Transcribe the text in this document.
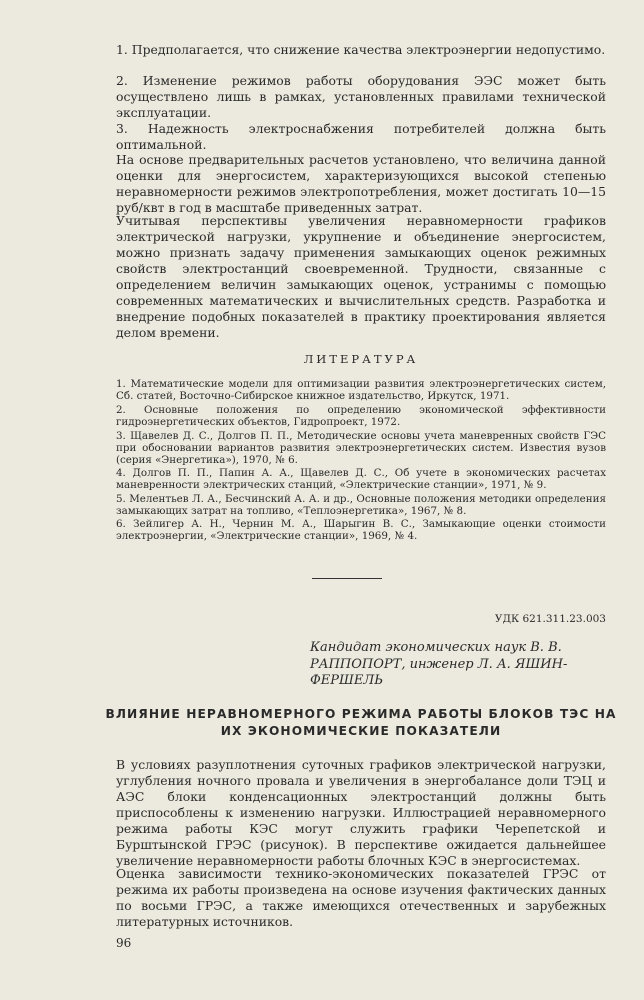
1. Предполагается, что снижение качества электроэнергии недопустимо.

2. Изменение режимов работы оборудования ЭЭС может быть осуществлено лишь в рамках, установленных правилами технической эксплуатации.

3. Надежность электроснабжения потребителей должна быть оптимальной.

На основе предварительных расчетов установлено, что величина данной оценки для энергосистем, характеризующихся высокой степенью неравномерности режимов электропотребления, может достигать 10—15 руб/квт в год в масштабе приведенных затрат.

Учитывая перспективы увеличения неравномерности графиков электрической нагрузки, укрупнение и объединение энергосистем, можно признать задачу применения замыкающих оценок режимных свойств электростанций своевременной. Трудности, связанные с определением величин замыкающих оценок, устранимы с помощью современных математических и вычислительных средств. Разработка и внедрение подобных показателей в практику проектирования является делом времени.

ЛИТЕРАТУРА

1. Математические модели для оптимизации развития электроэнергетических систем, Сб. статей, Восточно-Сибирское книжное издательство, Иркутск, 1971.

2. Основные положения по определению экономической эффективности гидроэнергетических объектов, Гидропроект, 1972.

3. Щавелев Д. С., Долгов П. П., Методические основы учета маневренных свойств ГЭС при обосновании вариантов развития электроэнергетических систем. Известия вузов (серия «Энергетика»), 1970, № 6.

4. Долгов П. П., Папин А. А., Щавелев Д. С., Об учете в экономических расчетах маневренности электрических станций, «Электрические станции», 1971, № 9.

5. Мелентьев Л. А., Бесчинский А. А. и др., Основные положения методики определения замыкающих затрат на топливо, «Теплоэнергетика», 1967, № 8.

6. Зейлигер А. Н., Чернин М. А., Шарыгин В. С., Замыкающие оценки стоимости электроэнергии, «Электрические станции», 1969, № 4.

УДК 621.311.23.003

Кандидат экономических наук В. В. РАППОПОРТ, инженер Л. А. ЯШИН-ФЕРШЕЛЬ

ВЛИЯНИЕ НЕРАВНОМЕРНОГО РЕЖИМА РАБОТЫ БЛОКОВ ТЭС НА ИХ ЭКОНОМИЧЕСКИЕ ПОКАЗАТЕЛИ

В условиях разуплотнения суточных графиков электрической нагрузки, углубления ночного провала и увеличения в энергобалансе доли ТЭЦ и АЭС блоки конденсационных электростанций должны быть приспособлены к изменению нагрузки. Иллюстрацией неравномерного режима работы КЭС могут служить графики Черепетской и Бурштынской ГРЭС (рисунок). В перспективе ожидается дальнейшее увеличение неравномерности работы блочных КЭС в энергосистемах.

Оценка зависимости технико-экономических показателей ГРЭС от режима их работы произведена на основе изучения фактических данных по восьми ГРЭС, а также имеющихся отечественных и зарубежных литературных источников.

96
